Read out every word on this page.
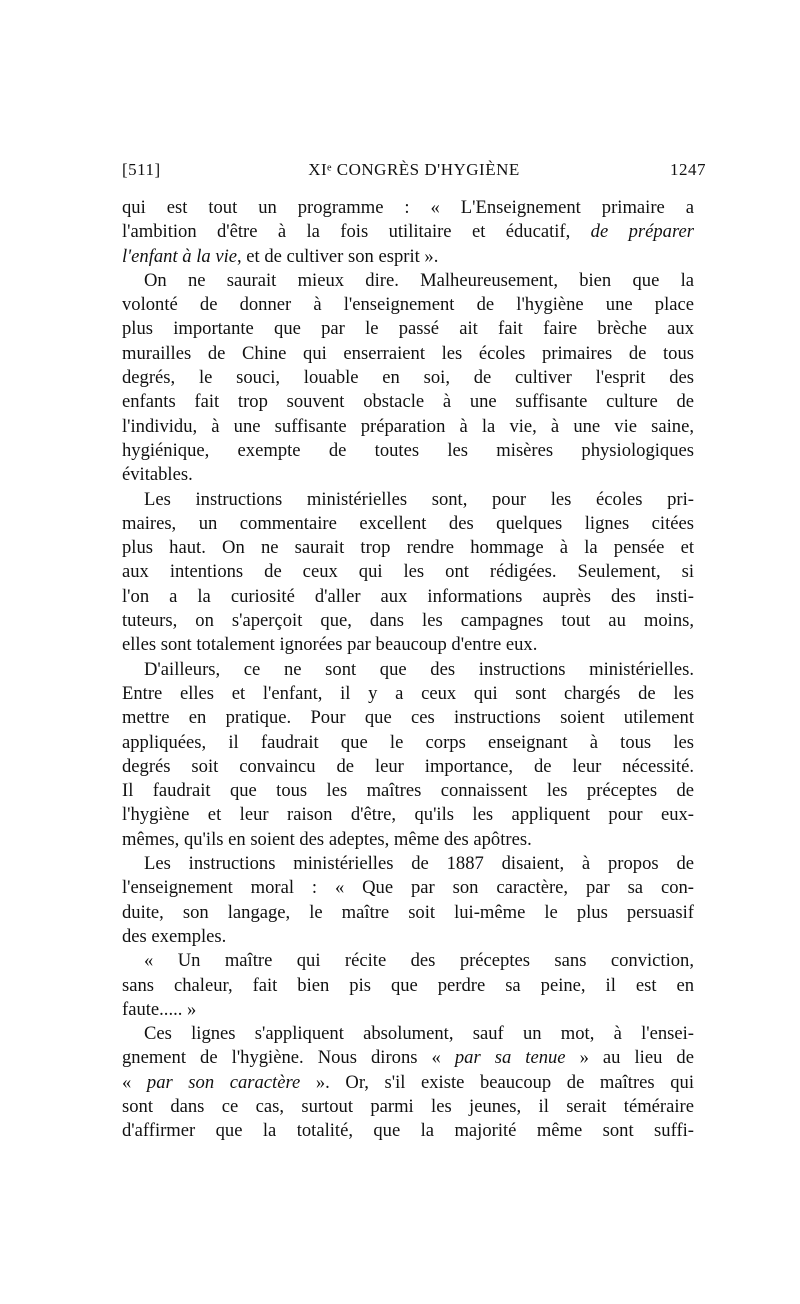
[511]	XIᵉ CONGRÈS D'HYGIÈNE	1247
qui est tout un programme : « L'Enseignement primaire a
l'ambition d'être à la fois utilitaire et éducatif, de préparer
l'enfant à la vie, et de cultiver son esprit ».
On ne saurait mieux dire. Malheureusement, bien que la
volonté de donner à l'enseignement de l'hygiène une place
plus importante que par le passé ait fait faire brèche aux
murailles de Chine qui enserraient les écoles primaires de tous
degrés, le souci, louable en soi, de cultiver l'esprit des
enfants fait trop souvent obstacle à une suffisante culture de
l'individu, à une suffisante préparation à la vie, à une vie saine,
hygiénique, exempte de toutes les misères physiologiques
évitables.
Les instructions ministérielles sont, pour les écoles pri-
maires, un commentaire excellent des quelques lignes citées
plus haut. On ne saurait trop rendre hommage à la pensée et
aux intentions de ceux qui les ont rédigées. Seulement, si
l'on a la curiosité d'aller aux informations auprès des insti-
tuteurs, on s'aperçoit que, dans les campagnes tout au moins,
elles sont totalement ignorées par beaucoup d'entre eux.
D'ailleurs, ce ne sont que des instructions ministérielles.
Entre elles et l'enfant, il y a ceux qui sont chargés de les
mettre en pratique. Pour que ces instructions soient utilement
appliquées, il faudrait que le corps enseignant à tous les
degrés soit convaincu de leur importance, de leur nécessité.
Il faudrait que tous les maîtres connaissent les préceptes de
l'hygiène et leur raison d'être, qu'ils les appliquent pour eux-
mêmes, qu'ils en soient des adeptes, même des apôtres.
Les instructions ministérielles de 1887 disaient, à propos de
l'enseignement moral : « Que par son caractère, par sa con-
duite, son langage, le maître soit lui-même le plus persuasif
des exemples.
« Un maître qui récite des préceptes sans conviction,
sans chaleur, fait bien pis que perdre sa peine, il est en
faute..... »
Ces lignes s'appliquent absolument, sauf un mot, à l'ensei-
gnement de l'hygiène. Nous dirons « par sa tenue » au lieu de
« par son caractère ». Or, s'il existe beaucoup de maîtres qui
sont dans ce cas, surtout parmi les jeunes, il serait téméraire
d'affirmer que la totalité, que la majorité même sont suffi-
